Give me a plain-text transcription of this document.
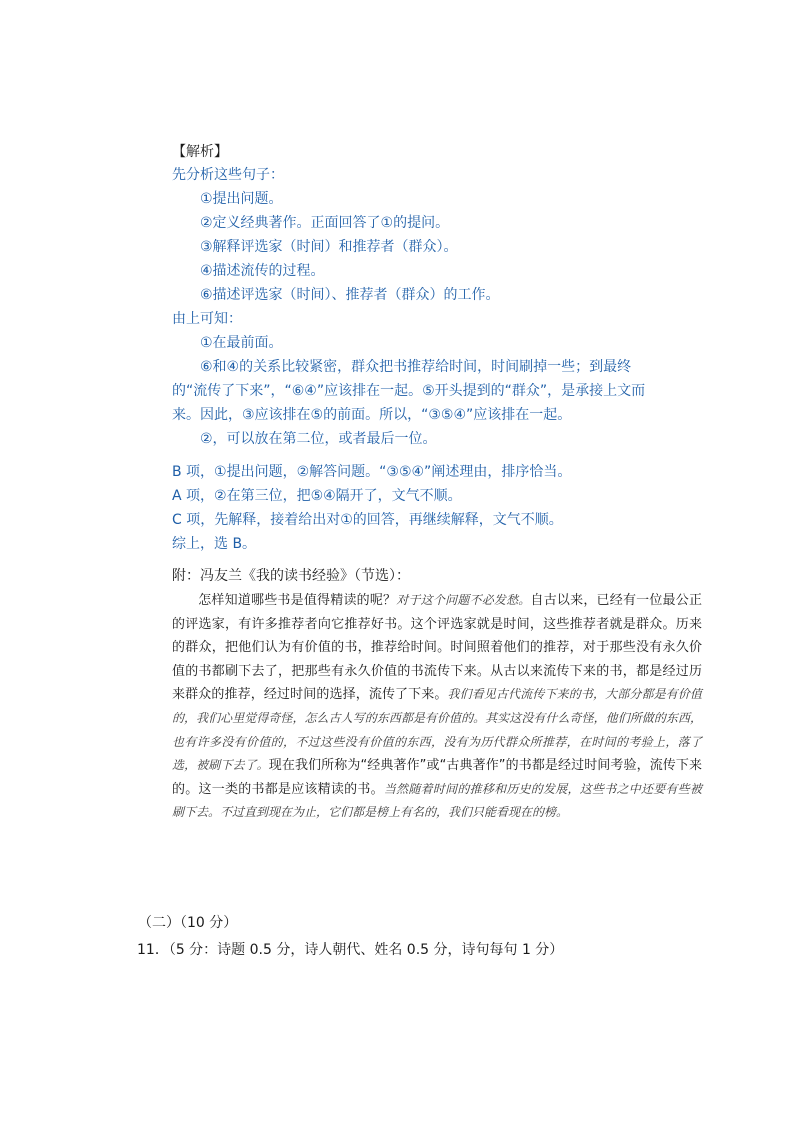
【解析】
先分析这些句子：
①提出问题。
②定义经典著作。正面回答了①的提问。
③解释评选家（时间）和推荐者（群众）。
④描述流传的过程。
⑥描述评选家（时间）、推荐者（群众）的工作。
由上可知：
①在最前面。
⑥和④的关系比较紧密，群众把书推荐给时间，时间刷掉一些；到最终
的“流传了下来”，“⑥④”应该排在一起。⑤开头提到的“群众”，是承接上文而
来。因此，③应该排在⑤的前面。所以，“③⑤④”应该排在一起。
②，可以放在第二位，或者最后一位。
B 项，①提出问题，②解答问题。“③⑤④”阐述理由，排序恰当。
A 项，②在第三位，把⑤④隔开了，文气不顺。
C 项，先解释，接着给出对①的回答，再继续解释，文气不顺。
综上，选 B。
附：冯友兰《我的读书经验》（节选）：
怎样知道哪些书是值得精读的呢？对于这个问题不必发愁。自古以来，已经有一位最公正的评选家，有许多推荐者向它推荐好书。这个评选家就是时间，这些推荐者就是群众。历来的群众，把他们认为有价值的书，推荐给时间。时间照着他们的推荐，对于那些没有永久价值的书都刷下去了，把那些有永久价值的书流传下来。从古以来流传下来的书，都是经过历来群众的推荐，经过时间的选择，流传了下来。我们看见古代流传下来的书，大部分都是有价值的，我们心里觉得奇怪，怎么古人写的东西都是有价值的。其实这没有什么奇怪，他们所做的东西，也有许多没有价值的，不过这些没有价值的东西，没有为历代群众所推荐，在时间的考验上，落了选，被刷下去了。现在我们所称为“经典著作”或“古典著作”的书都是经过时间考验，流传下来的。这一类的书都是应该精读的书。当然随着时间的推移和历史的发展，这些书之中还要有些被刷下去。不过直到现在为止，它们都是榜上有名的，我们只能看现在的榜。
（二）（10 分）
11．（5 分：诗题 0.5 分，诗人朝代、姓名 0.5 分，诗句每句 1 分）
